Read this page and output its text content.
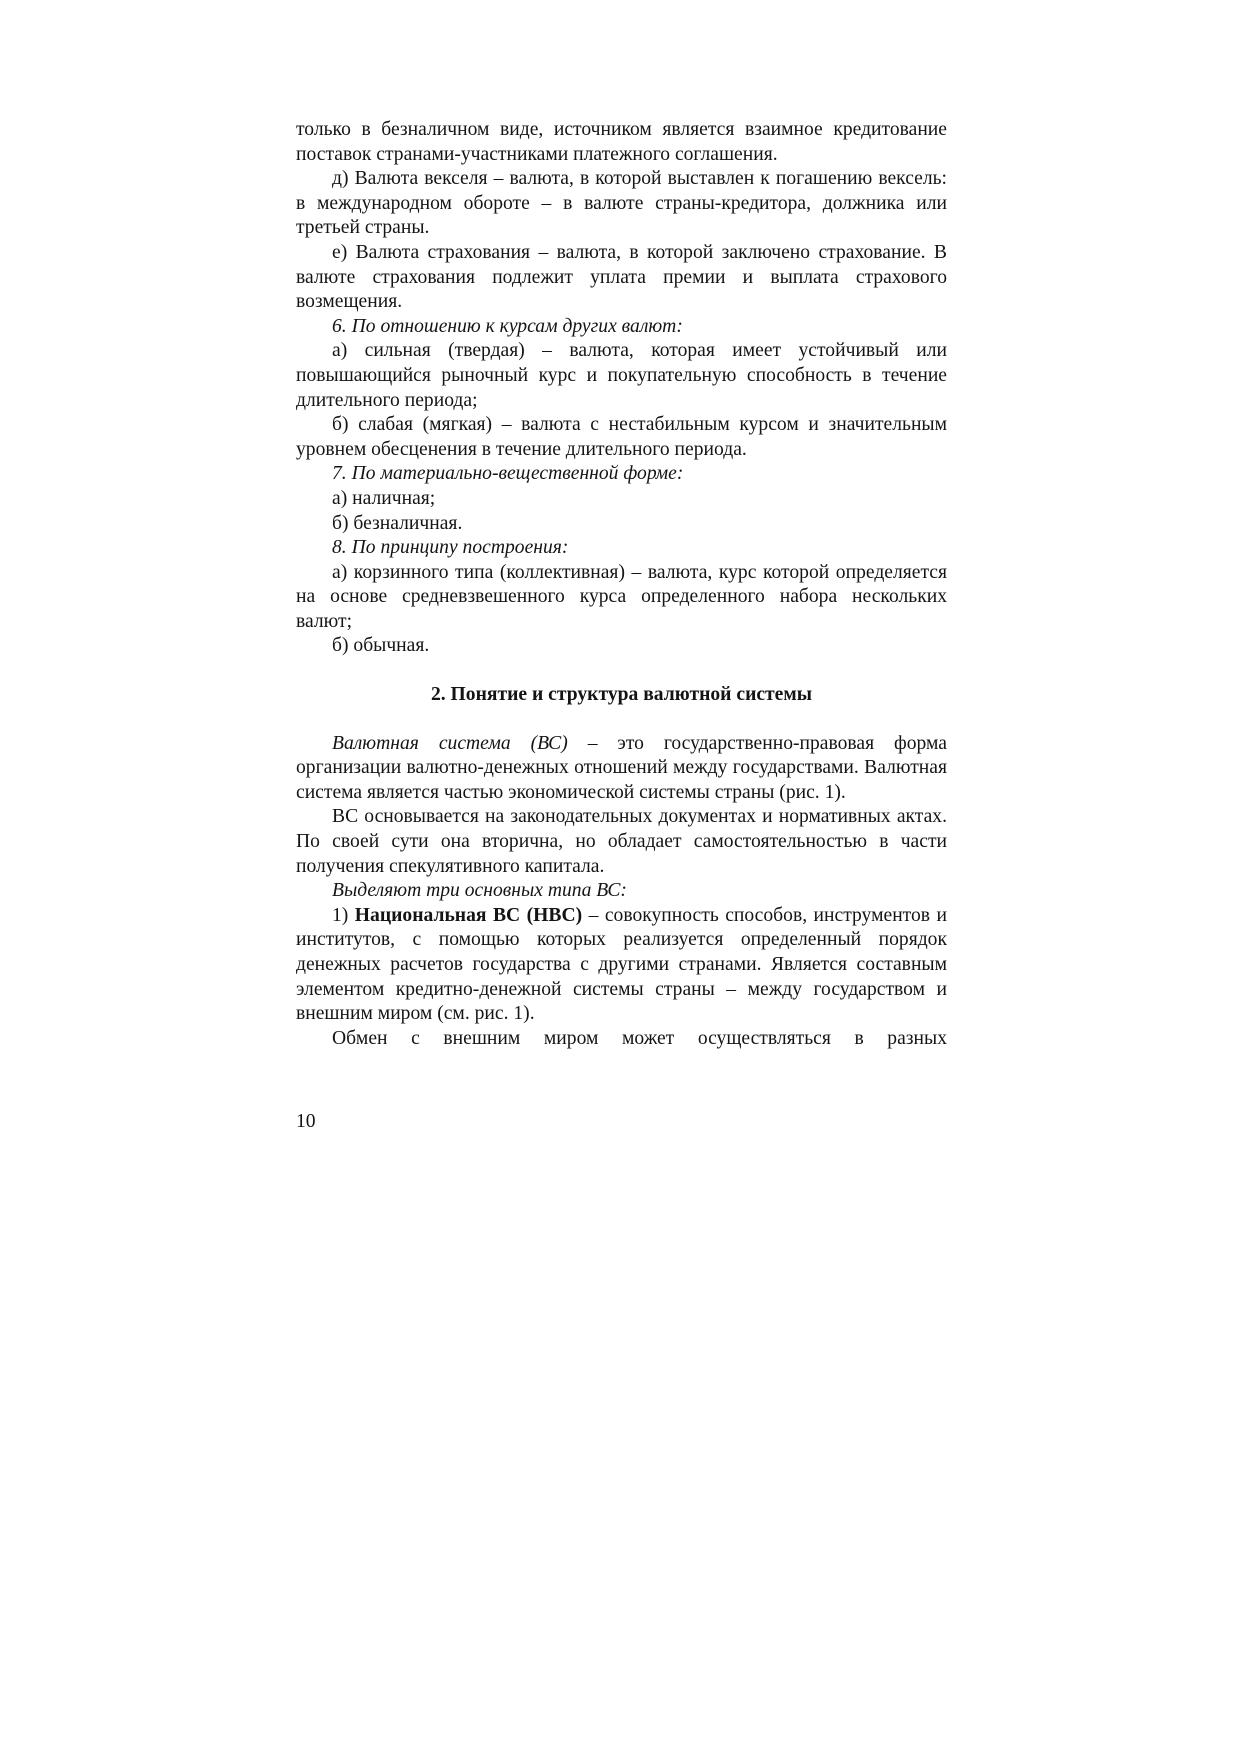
только в безналичном виде, источником является взаимное кредитование поставок странами-участниками платежного соглашения.

д) Валюта векселя – валюта, в которой выставлен к погашению вексель: в международном обороте – в валюте страны-кредитора, должника или третьей страны.

е) Валюта страхования – валюта, в которой заключено страхование. В валюте страхования подлежит уплата премии и выплата страхового возмещения.

6. По отношению к курсам других валют:

а) сильная (твердая) – валюта, которая имеет устойчивый или повышающийся рыночный курс и покупательную способность в течение длительного периода;

б) слабая (мягкая) – валюта с нестабильным курсом и значительным уровнем обесценения в течение длительного периода.

7. По материально-вещественной форме:

а) наличная;

б) безналичная.

8. По принципу построения:

а) корзинного типа (коллективная) – валюта, курс которой определяется на основе средневзвешенного курса определенного набора нескольких валют;

б) обычная.

2. Понятие и структура валютной системы

Валютная система (ВС) – это государственно-правовая форма организации валютно-денежных отношений между государствами. Валютная система является частью экономической системы страны (рис. 1).

ВС основывается на законодательных документах и нормативных актах. По своей сути она вторична, но обладает самостоятельностью в части получения спекулятивного капитала.

Выделяют три основных типа ВС:

1) Национальная ВС (НВС) – совокупность способов, инструментов и институтов, с помощью которых реализуется определенный порядок денежных расчетов государства с другими странами. Является составным элементом кредитно-денежной системы страны – между государством и внешним миром (см. рис. 1).

Обмен с внешним миром может осуществляться в разных

10
